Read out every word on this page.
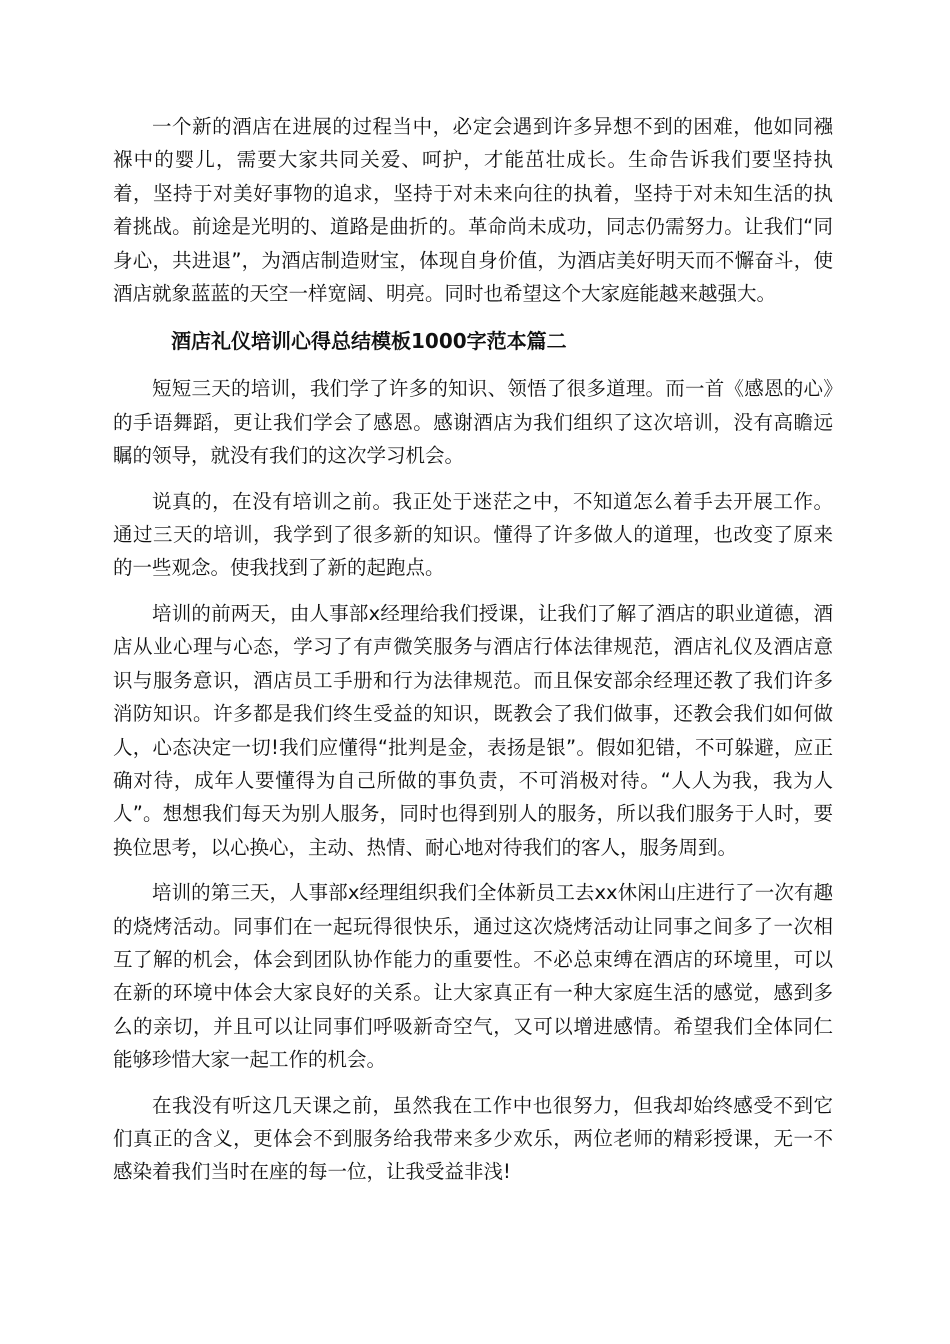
一个新的酒店在进展的过程当中，必定会遇到许多异想不到的困难，他如同襁褓中的婴儿，需要大家共同关爱、呵护，才能茁壮成长。生命告诉我们要坚持执着，坚持于对美好事物的追求，坚持于对未来向往的执着，坚持于对未知生活的执着挑战。前途是光明的、道路是曲折的。革命尚未成功，同志仍需努力。让我们“同身心，共进退”，为酒店制造财宝，体现自身价值，为酒店美好明天而不懈奋斗，使酒店就象蓝蓝的天空一样宽阔、明亮。同时也希望这个大家庭能越来越强大。

酒店礼仪培训心得总结模板1000字范本篇二

短短三天的培训，我们学了许多的知识、领悟了很多道理。而一首《感恩的心》的手语舞蹈，更让我们学会了感恩。感谢酒店为我们组织了这次培训，没有高瞻远瞩的领导，就没有我们的这次学习机会。

说真的，在没有培训之前。我正处于迷茫之中，不知道怎么着手去开展工作。通过三天的培训，我学到了很多新的知识。懂得了许多做人的道理，也改变了原来的一些观念。使我找到了新的起跑点。

培训的前两天，由人事部x经理给我们授课，让我们了解了酒店的职业道德，酒店从业心理与心态，学习了有声微笑服务与酒店行体法律规范，酒店礼仪及酒店意识与服务意识，酒店员工手册和行为法律规范。而且保安部余经理还教了我们许多消防知识。许多都是我们终生受益的知识，既教会了我们做事，还教会我们如何做人，心态决定一切!我们应懂得“批判是金，表扬是银”。假如犯错，不可躲避，应正确对待，成年人要懂得为自己所做的事负责，不可消极对待。“人人为我，我为人人”。想想我们每天为别人服务，同时也得到别人的服务，所以我们服务于人时，要换位思考，以心换心，主动、热情、耐心地对待我们的客人，服务周到。

培训的第三天，人事部x经理组织我们全体新员工去xx休闲山庄进行了一次有趣的烧烤活动。同事们在一起玩得很快乐，通过这次烧烤活动让同事之间多了一次相互了解的机会，体会到团队协作能力的重要性。不必总束缚在酒店的环境里，可以在新的环境中体会大家良好的关系。让大家真正有一种大家庭生活的感觉，感到多么的亲切，并且可以让同事们呼吸新奇空气，又可以增进感情。希望我们全体同仁能够珍惜大家一起工作的机会。

在我没有听这几天课之前，虽然我在工作中也很努力，但我却始终感受不到它们真正的含义，更体会不到服务给我带来多少欢乐，两位老师的精彩授课，无一不感染着我们当时在座的每一位，让我受益非浅!
